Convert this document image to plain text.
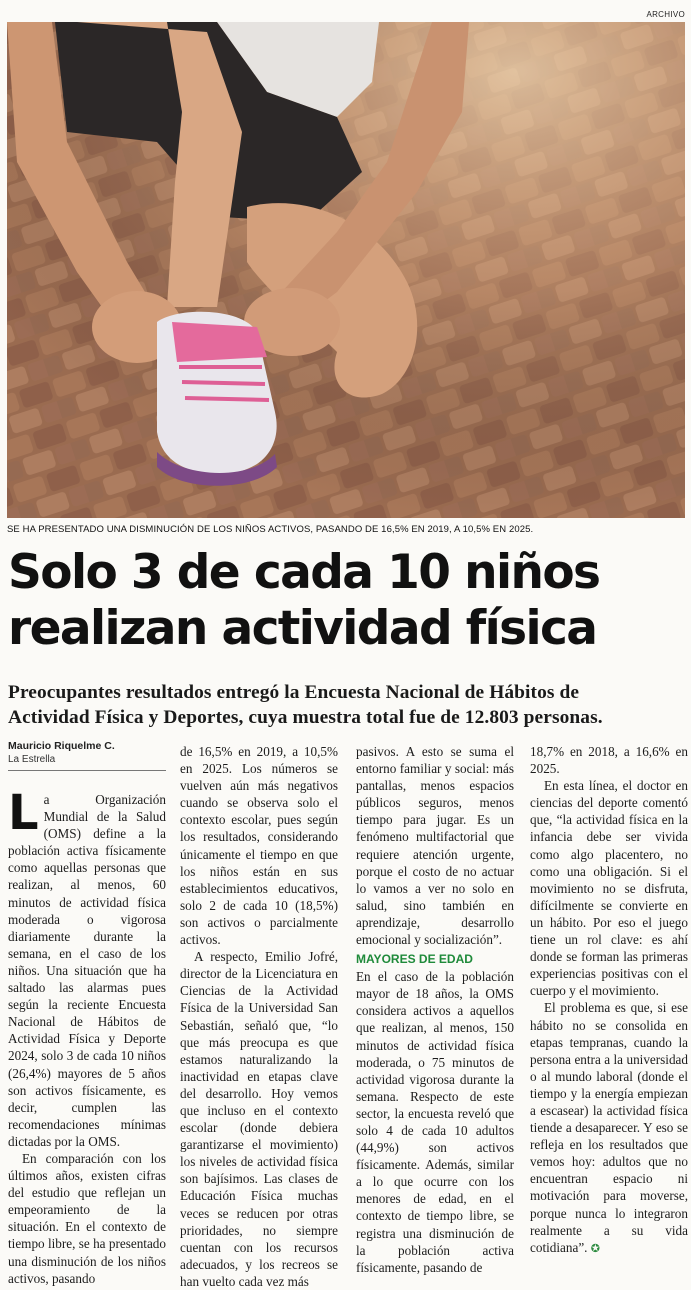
ARCHIVO
SE HA PRESENTADO UNA DISMINUCIÓN DE LOS NIÑOS ACTIVOS, PASANDO DE 16,5% EN 2019, A 10,5% EN 2025.
Solo 3 de cada 10 niños
realizan actividad física
Preocupantes resultados entregó la Encuesta Nacional de Hábitos de
Actividad Física y Deportes, cuya muestra total fue de 12.803 personas.
Mauricio Riquelme C.
La Estrella

La Organización Mundial de la Salud (OMS) define a la población activa físicamente como aquellas personas que realizan, al menos, 60 minutos de actividad física moderada o vigorosa diariamente durante la semana, en el caso de los niños. Una situación que ha saltado las alarmas pues según la reciente Encuesta Nacional de Hábitos de Actividad Física y Deporte 2024, solo 3 de cada 10 niños (26,4%) mayores de 5 años son activos físicamente, es decir, cumplen las recomendaciones mínimas dictadas por la OMS.

En comparación con los últimos años, existen cifras del estudio que reflejan un empeoramiento de la situación. En el contexto de tiempo libre, se ha presentado una disminución de los niños activos, pasando

de 16,5% en 2019, a 10,5% en 2025. Los números se vuelven aún más negativos cuando se observa solo el contexto escolar, pues según los resultados, considerando únicamente el tiempo en que los niños están en sus establecimientos educativos, solo 2 de cada 10 (18,5%) son activos o parcialmente activos.

A respecto, Emilio Jofré, director de la Licenciatura en Ciencias de la Actividad Física de la Universidad San Sebastián, señaló que, “lo que más preocupa es que estamos naturalizando la inactividad en etapas clave del desarrollo. Hoy vemos que incluso en el contexto escolar (donde debiera garantizarse el movimiento) los niveles de actividad física son bajísimos. Las clases de Educación Física muchas veces se reducen por otras prioridades, no siempre cuentan con los recursos adecuados, y los recreos se han vuelto cada vez más

pasivos. A esto se suma el entorno familiar y social: más pantallas, menos espacios públicos seguros, menos tiempo para jugar. Es un fenómeno multifactorial que requiere atención urgente, porque el costo de no actuar lo vamos a ver no solo en salud, sino también en aprendizaje, desarrollo emocional y socialización”.

MAYORES DE EDAD

En el caso de la población mayor de 18 años, la OMS considera activos a aquellos que realizan, al menos, 150 minutos de actividad física moderada, o 75 minutos de actividad vigorosa durante la semana. Respecto de este sector, la encuesta reveló que solo 4 de cada 10 adultos (44,9%) son activos físicamente. Además, similar a lo que ocurre con los menores de edad, en el contexto de tiempo libre, se registra una disminución de la población activa físicamente, pasando de

18,7% en 2018, a 16,6% en 2025.

En esta línea, el doctor en ciencias del deporte comentó que, “la actividad física en la infancia debe ser vivida como algo placentero, no como una obligación. Si el movimiento no se disfruta, difícilmente se convierte en un hábito. Por eso el juego tiene un rol clave: es ahí donde se forman las primeras experiencias positivas con el cuerpo y el movimiento.

El problema es que, si ese hábito no se consolida en etapas tempranas, cuando la persona entra a la universidad o al mundo laboral (donde el tiempo y la energía empiezan a escasear) la actividad física tiende a desaparecer. Y eso se refleja en los resultados que vemos hoy: adultos que no encuentran espacio ni motivación para moverse, porque nunca lo integraron realmente a su vida cotidiana”. ✪
